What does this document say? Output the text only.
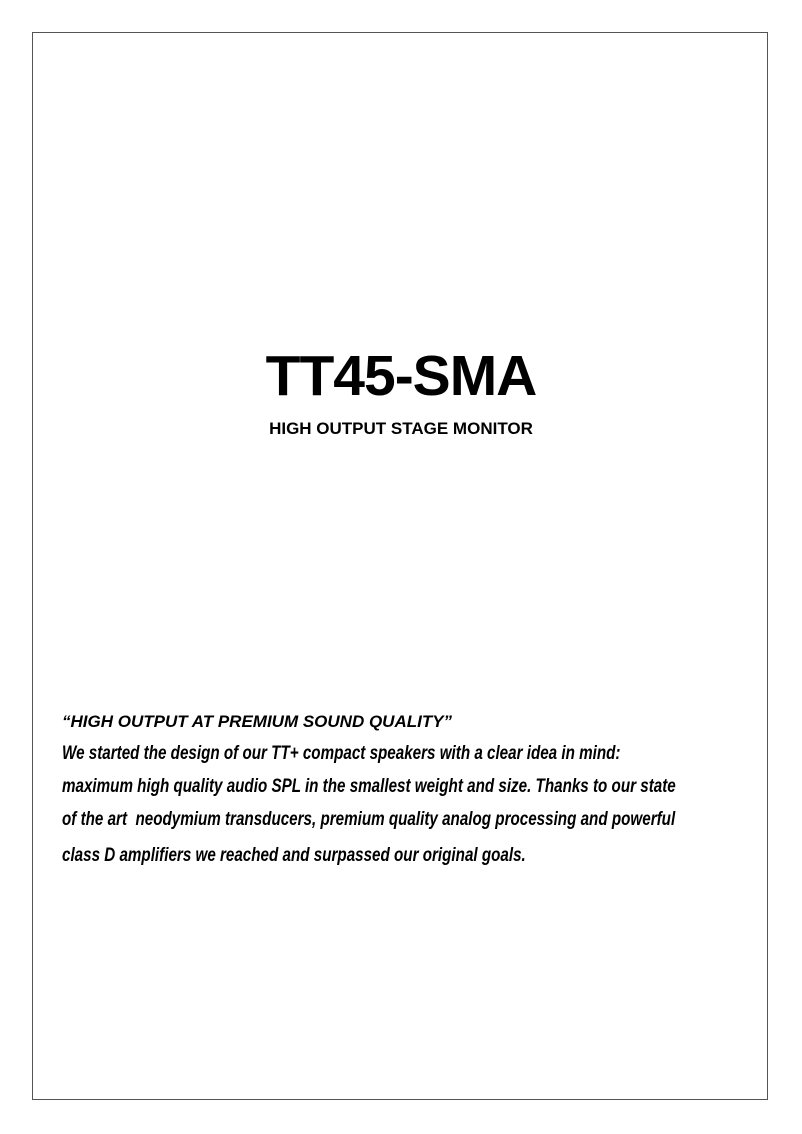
TT45-SMA
HIGH OUTPUT STAGE MONITOR
“HIGH OUTPUT AT PREMIUM SOUND QUALITY”
We started the design of our TT+ compact speakers with a clear idea in mind:
maximum high quality audio SPL in the smallest weight and size. Thanks to our state
of the art  neodymium transducers, premium quality analog processing and powerful
class D amplifiers we reached and surpassed our original goals.
